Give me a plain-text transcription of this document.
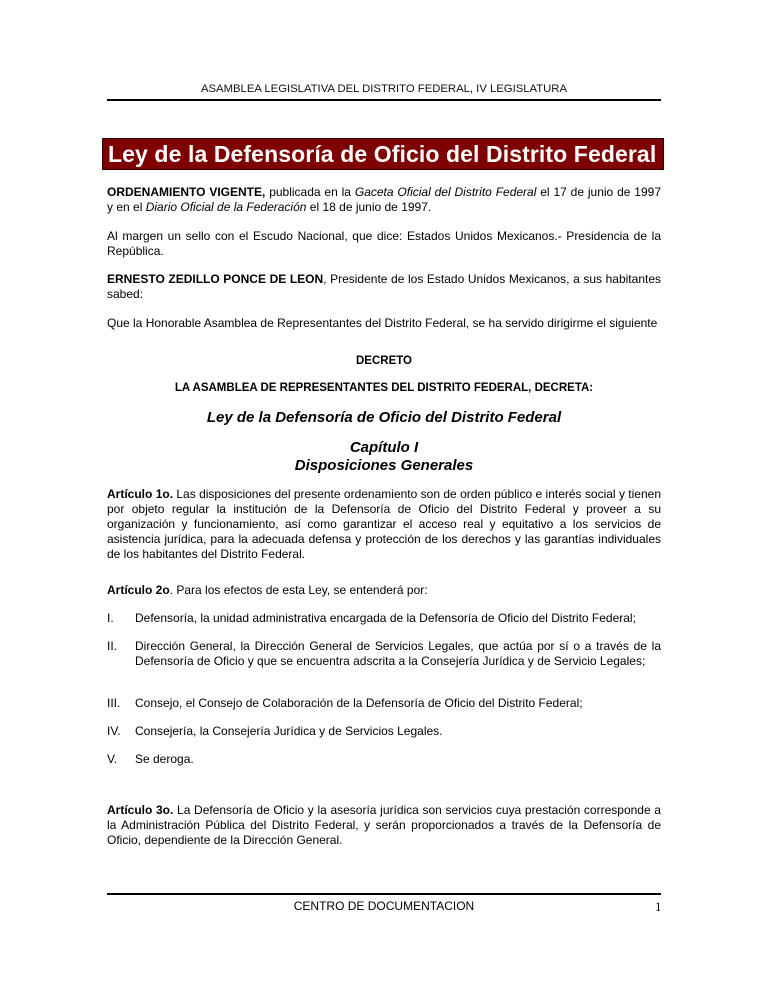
ASAMBLEA LEGISLATIVA DEL DISTRITO FEDERAL, IV LEGISLATURA
Ley de la Defensoría de Oficio del Distrito Federal
ORDENAMIENTO VIGENTE, publicada en la Gaceta Oficial del Distrito Federal el 17 de junio de 1997 y en el Diario Oficial de la Federación el 18 de junio de 1997.
Al margen un sello con el Escudo Nacional, que dice: Estados Unidos Mexicanos.- Presidencia de la República.
ERNESTO ZEDILLO PONCE DE LEON, Presidente de los Estado Unidos Mexicanos, a sus habitantes sabed:
Que la Honorable Asamblea de Representantes del Distrito Federal, se ha servido dirigirme el siguiente
DECRETO
LA ASAMBLEA DE REPRESENTANTES DEL DISTRITO FEDERAL, DECRETA:
Ley de la Defensoría de Oficio del Distrito Federal
Capítulo I
Disposiciones Generales
Artículo 1o. Las disposiciones del presente ordenamiento son de orden público e interés social y tienen por objeto regular la institución de la Defensoría de Oficio del Distrito Federal y proveer a su organización y funcionamiento, así como garantizar el acceso real y equitativo a los servicios de asistencia jurídica, para la adecuada defensa y protección de los derechos y las garantías individuales de los habitantes del Distrito Federal.
Artículo 2o. Para los efectos de esta Ley, se entenderá por:
I. Defensoría, la unidad administrativa encargada de la Defensoría de Oficio del Distrito Federal;
II. Dirección General, la Dirección General de Servicios Legales, que actúa por sí o a través de la Defensoría de Oficio y que se encuentra adscrita a la Consejería Jurídica y de Servicio Legales;
III. Consejo, el Consejo de Colaboración de la Defensoría de Oficio del Distrito Federal;
IV. Consejería, la Consejería Jurídica y de Servicios Legales.
V. Se deroga.
Artículo 3o. La Defensoría de Oficio y la asesoría jurídica son servicios cuya prestación corresponde a la Administración Pública del Distrito Federal, y serán proporcionados a través de la Defensoría de Oficio, dependiente de la Dirección General.
CENTRO DE DOCUMENTACION	1
